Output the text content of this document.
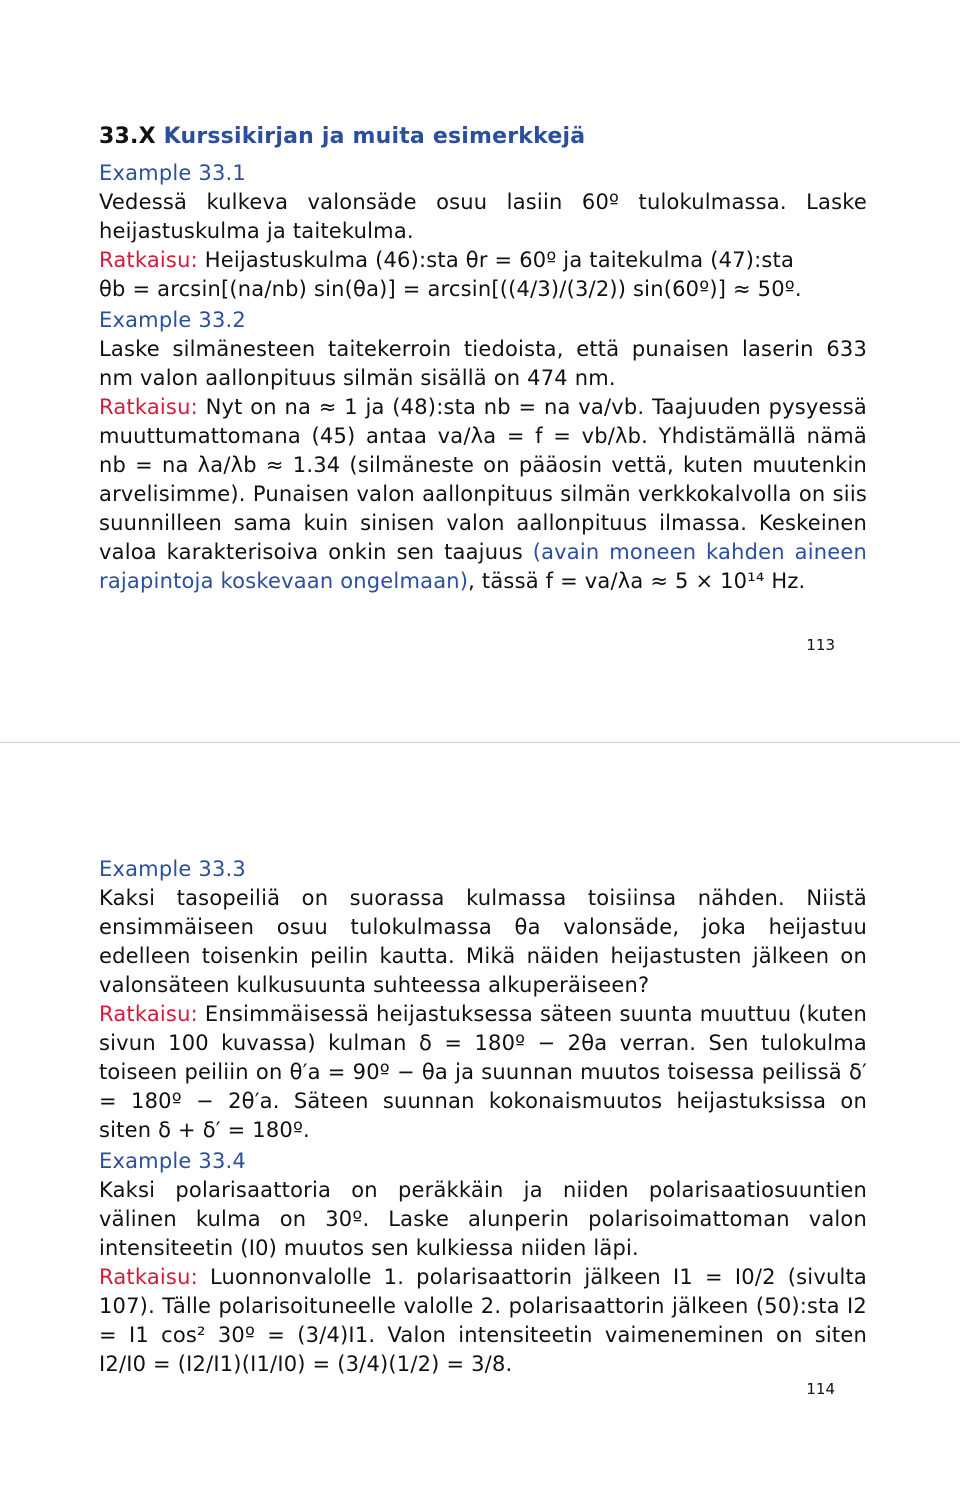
33.X Kurssikirjan ja muita esimerkkejä
Example 33.1
Vedessä kulkeva valonsäde osuu lasiin 60º tulokulmassa. Laske heijastuskulma ja taitekulma.
Ratkaisu: Heijastuskulma (46):sta θr = 60º ja taitekulma (47):sta
θb = arcsin[(na/nb) sin(θa)] = arcsin[((4/3)/(3/2)) sin(60º)] ≈ 50º.
Example 33.2
Laske silmänesteen taitekerroin tiedoista, että punaisen laserin 633 nm valon aallonpituus silmän sisällä on 474 nm.
Ratkaisu: Nyt on na ≈ 1 ja (48):sta nb = na va/vb. Taajuuden pysyessä muuttumattomana (45) antaa va/λa = f = vb/λb. Yhdistämällä nämä nb = na λa/λb ≈ 1.34 (silmäneste on pääosin vettä, kuten muutenkin arvelisimme). Punaisen valon aallonpituus silmän verkkokalvolla on siis suunnilleen sama kuin sinisen valon aallonpituus ilmassa. Keskeinen valoa karakterisoiva onkin sen taajuus (avain moneen kahden aineen rajapintoja koskevaan ongelmaan), tässä f = va/λa ≈ 5 × 10¹⁴ Hz.
113
Example 33.3
Kaksi tasopeiliä on suorassa kulmassa toisiinsa nähden. Niistä ensimmäiseen osuu tulokulmassa θa valonsäde, joka heijastuu edelleen toisenkin peilin kautta. Mikä näiden heijastusten jälkeen on valonsäteen kulkusuunta suhteessa alkuperäiseen?
Ratkaisu: Ensimmäisessä heijastuksessa säteen suunta muuttuu (kuten sivun 100 kuvassa) kulman δ = 180º − 2θa verran. Sen tulokulma toiseen peiliin on θ′a = 90º − θa ja suunnan muutos toisessa peilissä δ′ = 180º − 2θ′a. Säteen suunnan kokonaismuutos heijastuksissa on siten δ + δ′ = 180º.
Example 33.4
Kaksi polarisaattoria on peräkkäin ja niiden polarisaatiosuuntien välinen kulma on 30º. Laske alunperin polarisoimattoman valon intensiteetin (I0) muutos sen kulkiessa niiden läpi.
Ratkaisu: Luonnonvalolle 1. polarisaattorin jälkeen I1 = I0/2 (sivulta 107). Tälle polarisoituneelle valolle 2. polarisaattorin jälkeen (50):sta I2 = I1 cos² 30º = (3/4)I1. Valon intensiteetin vaimeneminen on siten I2/I0 = (I2/I1)(I1/I0) = (3/4)(1/2) = 3/8.
114
